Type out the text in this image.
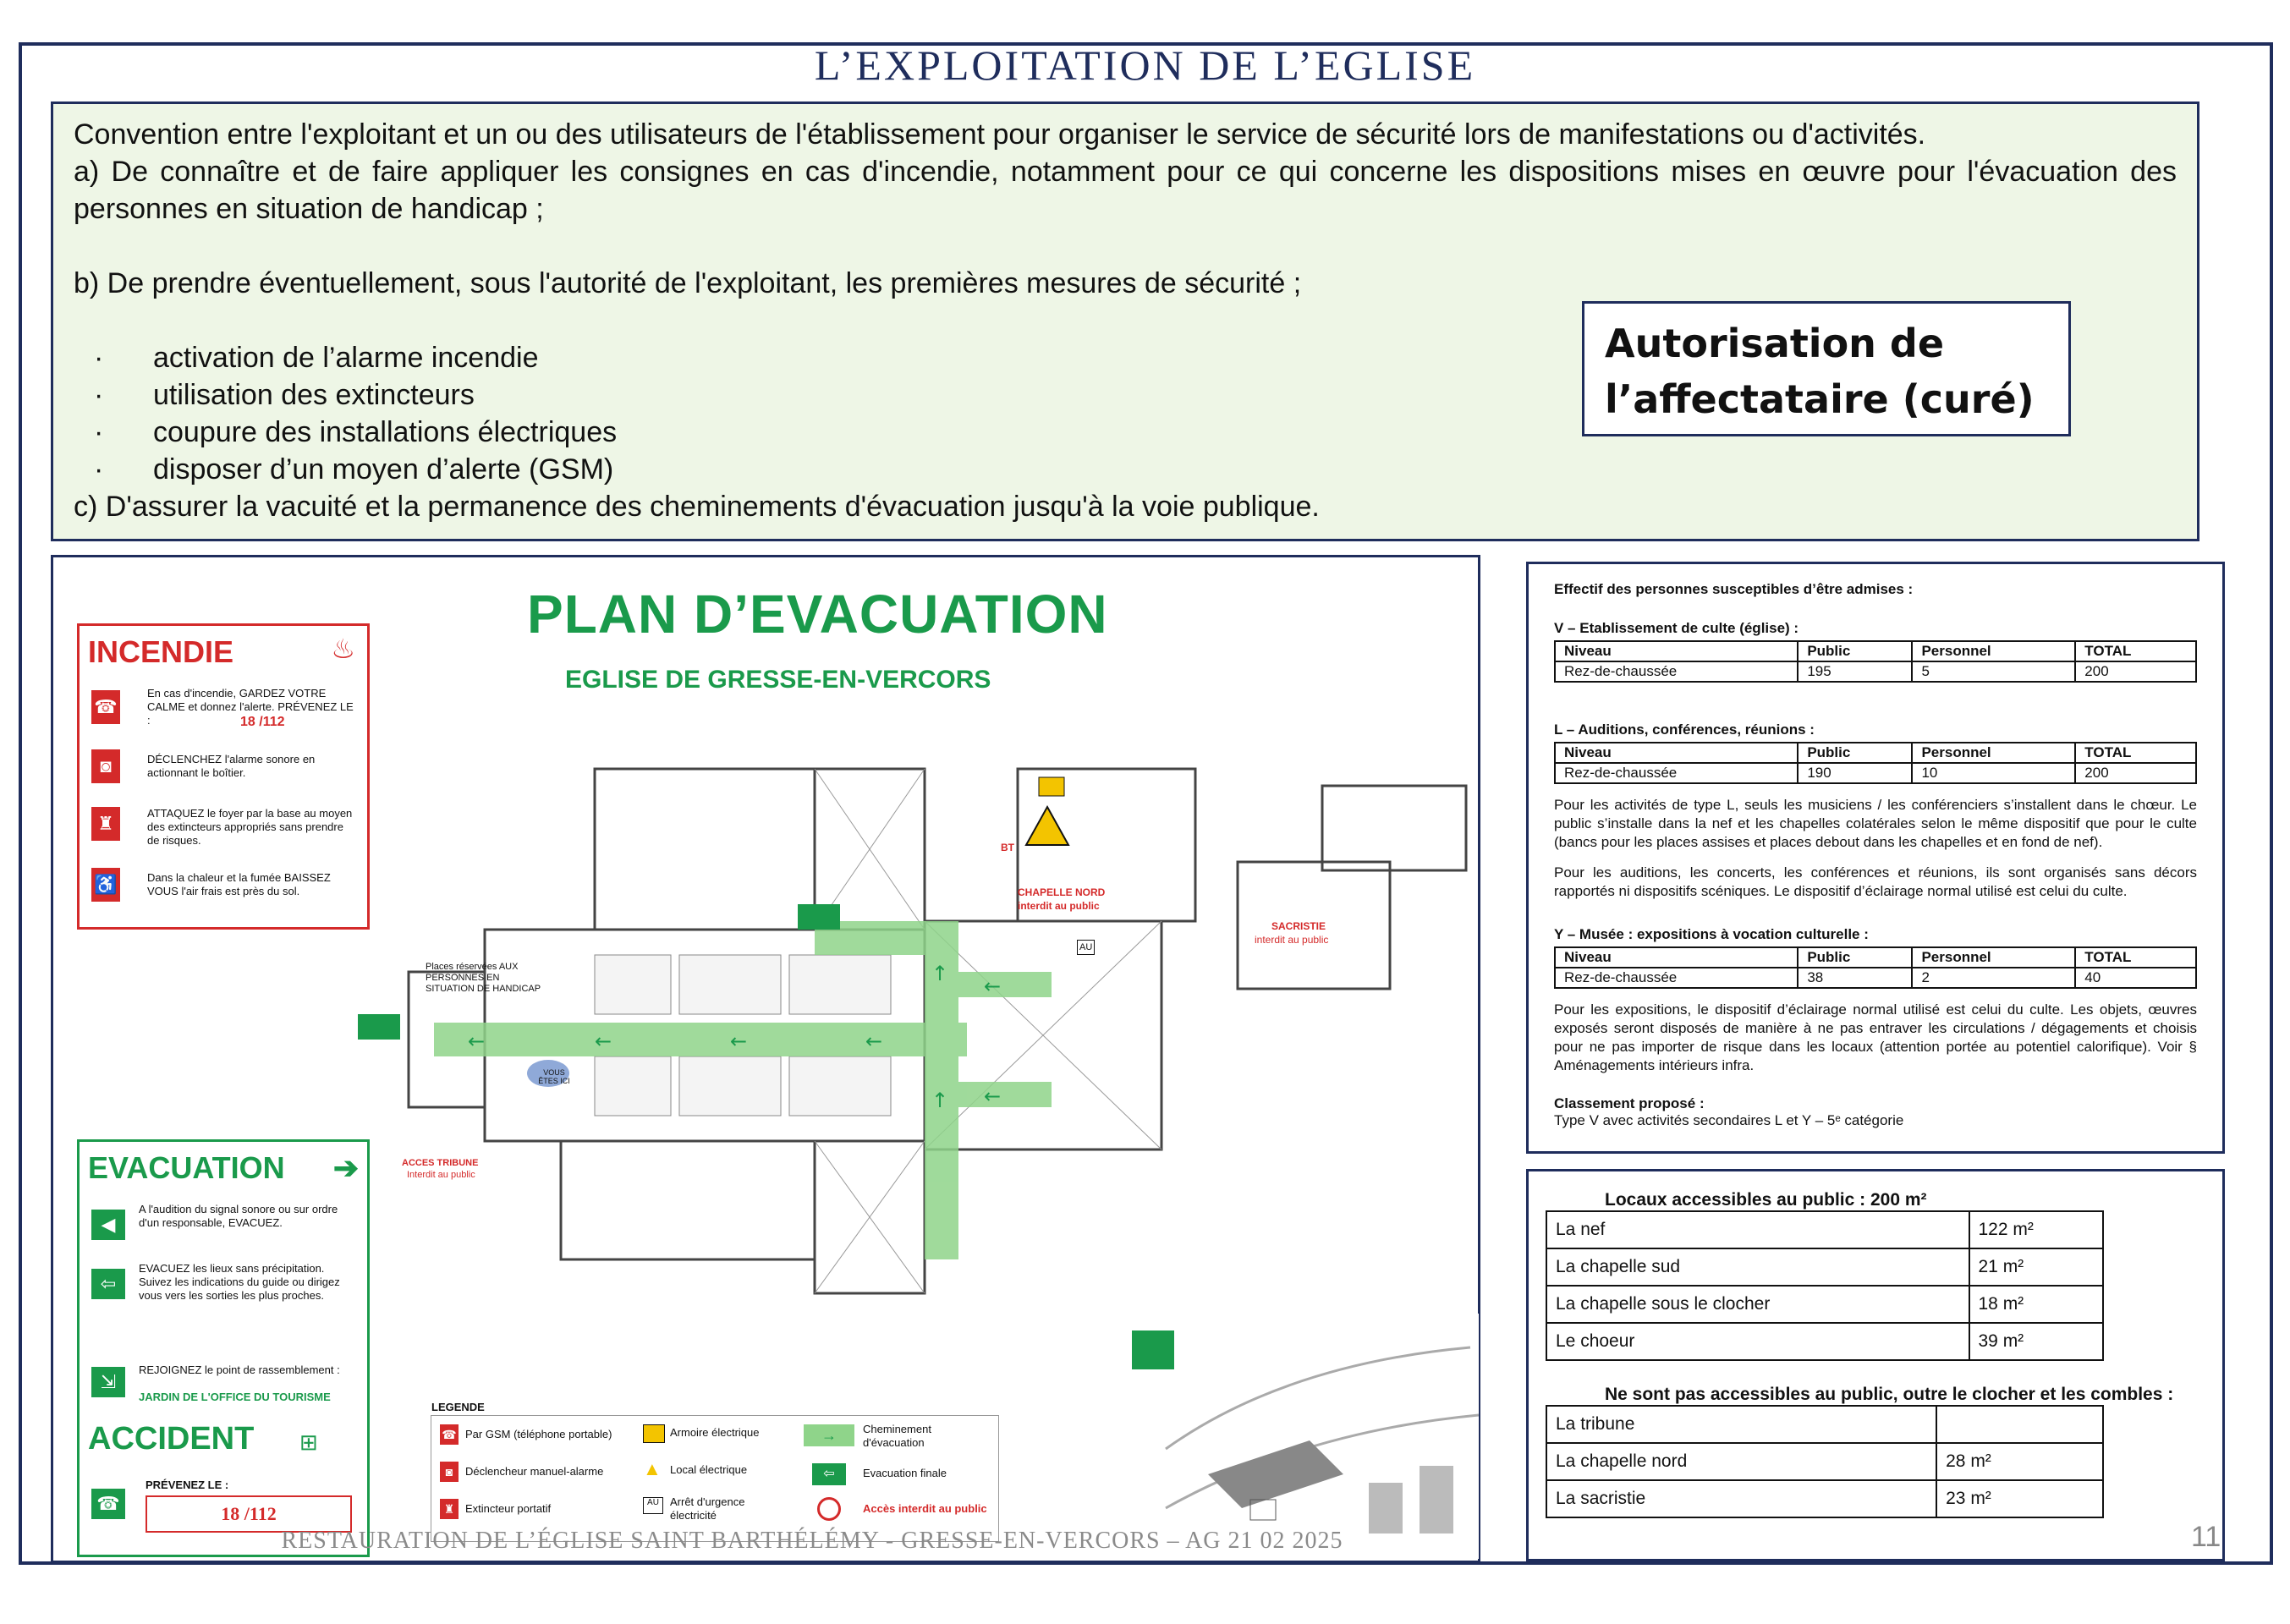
L’EXPLOITATION DE L’EGLISE

Convention entre l'exploitant et un ou des utilisateurs de l'établissement pour organiser le service de sécurité lors de manifestations ou d'activités.

a) De connaître et de faire appliquer les consignes en cas d'incendie, notamment pour ce qui concerne les dispositions mises en œuvre pour l'évacuation des personnes en situation de handicap ;

b) De prendre éventuellement, sous l'autorité de l'exploitant, les premières mesures de sécurité ;

·	activation de l’alarme incendie
·	utilisation des extincteurs
·	coupure des installations électriques
·	disposer d’un moyen d’alerte (GSM)

c) D'assurer la vacuité et la permanence des cheminements d'évacuation jusqu'à la voie publique.

Autorisation de
l’affectataire (curé)
PLAN D’EVACUATION
EGLISE DE GRESSE-EN-VERCORS
INCENDIE	♨
☎
En cas d'incendie, GARDEZ VOTRE CALME et donnez l'alerte. PRÉVENEZ LE :	18 /112
◙	DÉCLENCHEZ l'alarme sonore en actionnant le boîtier.
♜	ATTAQUEZ le foyer par la base au moyen des extincteurs appropriés sans prendre de risques.
♿	Dans la chaleur et la fumée BAISSEZ VOUS l'air frais est près du sol.
EVACUATION ➔
◀
A l'audition du signal sonore ou sur ordre d'un responsable, EVACUEZ.
⇦
EVACUEZ les lieux sans précipitation. Suivez les indications du guide ou dirigez vous vers les sorties les plus proches.
⇲
REJOIGNEZ le point de rassemblement :
JARDIN DE L'OFFICE DU TOURISME
ACCIDENT ⊞
☎
PRÉVENEZ LE :
18 /112
←	←	←	←
↑
↑
←
←
BT
CHAPELLE NORD
interdit au public
SACRISTIE
interdit au public
Places réservées AUX PERSONNES EN SITUATION DE HANDICAP
VOUS ÊTES ICI
ACCES TRIBUNE
Interdit au public
AU
LEGENDE
☎ Par GSM (téléphone portable)
◙	Déclencheur manuel-alarme
♜ Extincteur portatif
Armoire électrique
▲ Local électrique
AU	Arrêt d'urgence électricité
→	Cheminement d'évacuation
⇦	Evacuation finale
Accès interdit au public
Effectif des personnes susceptibles d’être admises :
V – Etablissement de culte (église) :
Niveau	Public	Personnel	TOTAL
Rez-de-chaussée	195	5	200
L – Auditions, conférences, réunions :
Niveau	Public	Personnel	TOTAL
Rez-de-chaussée	190	10	200

Pour les activités de type L, seuls les musiciens / les conférenciers s’installent dans le chœur. Le public s’installe dans la nef et les chapelles colatérales selon le même dispositif que pour le culte (bancs pour les places assises et places debout dans les chapelles et en fond de nef).

Pour les auditions, les concerts, les conférences et réunions, ils sont organisés sans décors rapportés ni dispositifs scéniques. Le dispositif d’éclairage normal utilisé est celui du culte.

Y – Musée : expositions à vocation culturelle :
Niveau	Public	Personnel	TOTAL
Rez-de-chaussée	38	2	40

Pour les expositions, le dispositif d’éclairage normal utilisé est celui du culte. Les objets, œuvres exposés seront disposés de manière à ne pas entraver les circulations / dégagements et choisis pour ne pas importer de risque dans les locaux (attention portée au potentiel calorifique). Voir § Aménagements intérieurs infra.

Classement proposé :
Type V avec activités secondaires L et Y – 5ᵉ catégorie
Locaux accessibles au public : 200 m²
La nef	122 m²
La chapelle sud	21 m²
La chapelle sous le clocher	18 m²
Le choeur	39 m²
Ne sont pas accessibles au public, outre le clocher et les combles :
La tribune	
La chapelle nord	28 m²
La sacristie	23 m²
RESTAURATION DE L’ÉGLISE SAINT BARTHÉLÉMY - GRESSE-EN-VERCORS – AG 21 02 2025	11
